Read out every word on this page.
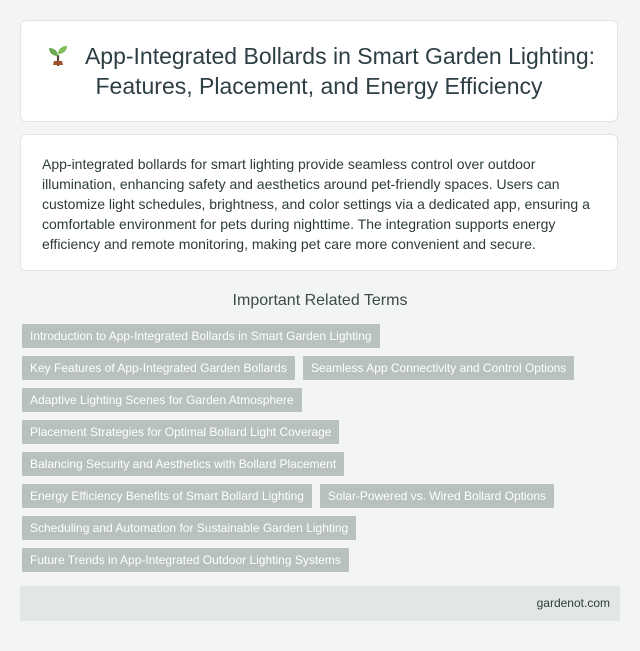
App-Integrated Bollards in Smart Garden Lighting: Features, Placement, and Energy Efficiency

App-integrated bollards for smart lighting provide seamless control over outdoor illumination, enhancing safety and aesthetics around pet-friendly spaces. Users can customize light schedules, brightness, and color settings via a dedicated app, ensuring a comfortable environment for pets during nighttime. The integration supports energy efficiency and remote monitoring, making pet care more convenient and secure.

Important Related Terms
Introduction to App-Integrated Bollards in Smart Garden Lighting
Key Features of App-Integrated Garden Bollards	Seamless App Connectivity and Control Options
Adaptive Lighting Scenes for Garden Atmosphere
Placement Strategies for Optimal Bollard Light Coverage
Balancing Security and Aesthetics with Bollard Placement
Energy Efficiency Benefits of Smart Bollard Lighting	Solar-Powered vs. Wired Bollard Options
Scheduling and Automation for Sustainable Garden Lighting
Future Trends in App-Integrated Outdoor Lighting Systems
gardenot.com
